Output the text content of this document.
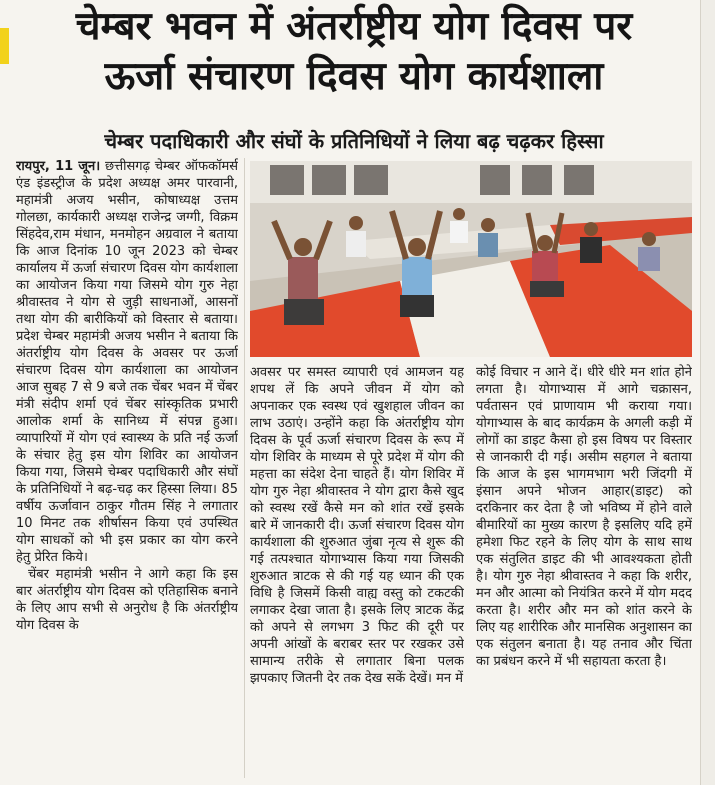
चेम्बर भवन में अंतर्राष्ट्रीय योग दिवस पर
ऊर्जा संचारण दिवस योग कार्यशाला
चेम्बर पदाधिकारी और संघों के प्रतिनिधियों ने लिया बढ़ चढ़कर हिस्सा

रायपुर, 11 जून। छत्तीसगढ़ चेम्बर ऑफकॉमर्स एंड इंडस्ट्रीज के प्रदेश अध्यक्ष अमर पारवानी, महामंत्री अजय भसीन, कोषाध्यक्ष उत्तम गोलछा, कार्यकारी अध्यक्ष राजेन्द्र जग्गी, विक्रम सिंहदेव,राम मंधान, मनमोहन अग्रवाल ने बताया कि आज दिनांक 10 जून 2023 को चेम्बर कार्यालय में ऊर्जा संचारण दिवस योग कार्यशाला का आयोजन किया गया जिसमे योग गुरु नेहा श्रीवास्तव ने योग से जुड़ी साधनाओं, आसनों तथा योग की बारीकियों को विस्तार से बताया। प्रदेश चेम्बर महामंत्री अजय भसीन ने बताया कि अंतर्राष्ट्रीय योग दिवस के अवसर पर ऊर्जा संचारण दिवस योग कार्यशाला का आयोजन आज सुबह 7 से 9 बजे तक चेंबर भवन में चेंबर मंत्री संदीप शर्मा एवं चेंबर सांस्कृतिक प्रभारी आलोक शर्मा के सानिध्य में संपन्न हुआ। व्यापारियों में योग एवं स्वास्थ्य के प्रति नई ऊर्जा के संचार हेतु इस योग शिविर का आयोजन किया गया, जिसमे चेम्बर पदाधिकारी और संघों के प्रतिनिधियों ने बढ़-चढ़ कर हिस्सा लिया। 85 वर्षीय ऊर्जावान ठाकुर गौतम सिंह ने लगातार 10 मिनट तक शीर्षासन किया एवं उपस्थित योग साधकों को भी इस प्रकार का योग करने हेतु प्रेरित किये।

चेंबर महामंत्री भसीन ने आगे कहा कि इस बार अंतर्राष्ट्रीय योग दिवस को एतिहासिक बनाने के लिए आप सभी से अनुरोध है कि अंतर्राष्ट्रीय योग दिवस के

अवसर पर समस्त व्यापारी एवं आमजन यह शपथ लें कि अपने जीवन में योग को अपनाकर एक स्वस्थ एवं खुशहाल जीवन का लाभ उठाएं। उन्होंने कहा कि अंतर्राष्ट्रीय योग दिवस के पूर्व ऊर्जा संचारण दिवस के रूप में योग शिविर के माध्यम से पूरे प्रदेश में योग की महत्ता का संदेश देना चाहते हैं। योग शिविर में योग गुरु नेहा श्रीवास्तव ने योग द्वारा कैसे खुद को स्वस्थ रखें कैसे मन को शांत रखें इसके बारे में जानकारी दी। ऊर्जा संचारण दिवस योग कार्यशाला की शुरुआत जुंबा नृत्य से शुरू की गई तत्पश्चात योगाभ्यास किया गया जिसकी शुरुआत त्राटक से की गई यह ध्यान की एक विधि है जिसमें किसी वाह्य वस्तु को टकटकी लगाकर देखा जाता है। इसके लिए त्राटक केंद्र को अपने से लगभग 3 फिट की दूरी पर अपनी आंखों के बराबर स्तर पर रखकर उसे सामान्य तरीके से लगातार बिना पलक झपकाए जितनी देर तक देख सकें देखें। मन में

कोई विचार न आने दें। धीरे धीरे मन शांत होने लगता है। योगाभ्यास में आगे चक्रासन, पर्वतासन एवं प्राणायाम भी कराया गया। योगाभ्यास के बाद कार्यक्रम के अगली कड़ी में लोगों का डाइट कैसा हो इस विषय पर विस्तार से जानकारी दी गई। असीम सहगल ने बताया कि आज के इस भागमभाग भरी जिंदगी में इंसान अपने भोजन आहार(डाइट) को दरकिनार कर देता है जो भविष्य में होने वाले बीमारियों का मुख्य कारण है इसलिए यदि हमें हमेशा फिट रहने के लिए योग के साथ साथ एक संतुलित डाइट की भी आवश्यकता होती है। योग गुरु नेहा श्रीवास्तव ने कहा कि शरीर, मन और आत्मा को नियंत्रित करने में योग मदद करता है। शरीर और मन को शांत करने के लिए यह शारीरिक और मानसिक अनुशासन का एक संतुलन बनाता है। यह तनाव और चिंता का प्रबंधन करने में भी सहायता करता है।
